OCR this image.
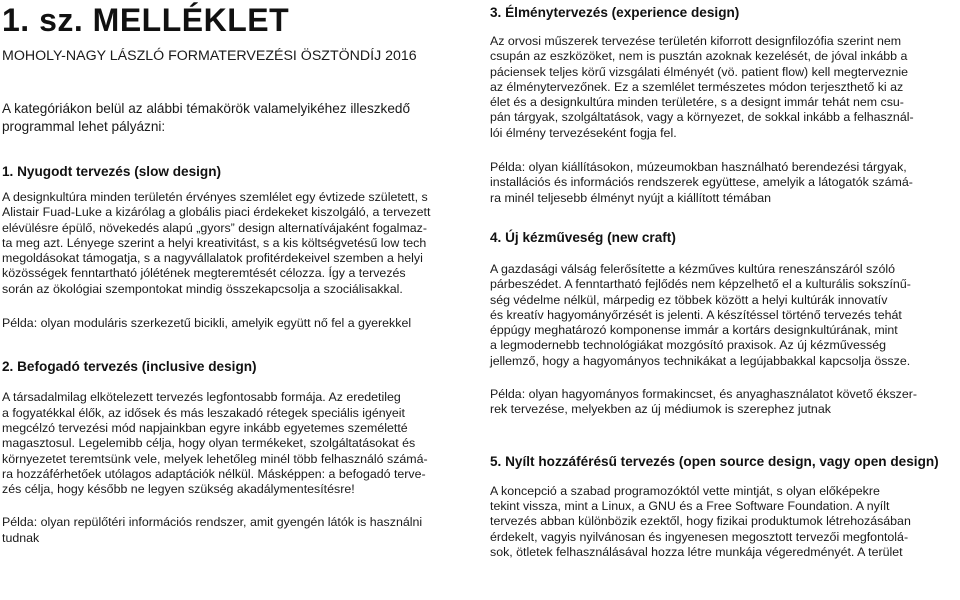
1. sz. MELLÉKLET

MOHOLY-NAGY LÁSZLÓ FORMATERVEZÉSI ÖSZTÖNDÍJ 2016

A kategóriákon belül az alábbi témakörök valamelyikéhez illeszkedő programmal lehet pályázni:

1. Nyugodt tervezés (slow design)

A designkultúra minden területén érvényes szemlélet egy évtizede született, s
Alistair Fuad-Luke a kizárólag a globális piaci érdekeket kiszolgáló, a tervezett
elévülésre épülő, növekedés alapú „gyors” design alternatívájaként fogalmaz-
ta meg azt. Lényege szerint a helyi kreativitást, s a kis költségvetésű low tech
megoldásokat támogatja, s a nagyvállalatok profitérdekeivel szemben a helyi
közösségek fenntartható jólétének megteremtését célozza. Így a tervezés
során az ökológiai szempontokat mindig összekapcsolja a szociálisakkal.

Példa: olyan moduláris szerkezetű bicikli, amelyik együtt nő fel a gyerekkel

2. Befogadó tervezés (inclusive design)

A társadalmilag elkötelezett tervezés legfontosabb formája. Az eredetileg
a fogyatékkal élők, az idősek és más leszakadó rétegek speciális igényeit
megcélzó tervezési mód napjainkban egyre inkább egyetemes személetté
magasztosul. Legelemibb célja, hogy olyan termékeket, szolgáltatásokat és
környezetet teremtsünk vele, melyek lehetőleg minél több felhasználó számá-
ra hozzáférhetőek utólagos adaptációk nélkül. Másképpen: a befogadó terve-
zés célja, hogy később ne legyen szükség akadálymentesítésre!

Példa: olyan repülőtéri információs rendszer, amit gyengén látók is használni
tudnak

3. Élménytervezés (experience design)

Az orvosi műszerek tervezése területén kiforrott designfilozófia szerint nem
csupán az eszközöket, nem is pusztán azoknak kezelését, de jóval inkább a
páciensek teljes körű vizsgálati élményét (vö. patient flow) kell megterveznie
az élménytervezőnek. Ez a szemlélet természetes módon terjeszthető ki az
élet és a designkultúra minden területére, s a designt immár tehát nem csu-
pán tárgyak, szolgáltatások, vagy a környezet, de sokkal inkább a felhasznál-
lói élmény tervezéseként fogja fel.

Példa: olyan kiállításokon, múzeumokban használható berendezési tárgyak,
installációs és információs rendszerek együttese, amelyik a látogatók számá-
ra minél teljesebb élményt nyújt a kiállított témában

4. Új kézműveség (new craft)

A gazdasági válság felerősítette a kézműves kultúra reneszánszáról szóló
párbeszédet. A fenntartható fejlődés nem képzelhető el a kulturális sokszínű-
ség védelme nélkül, márpedig ez többek között a helyi kultúrák innovatív
és kreatív hagyományőrzését is jelenti. A készítéssel történő tervezés tehát
éppúgy meghatározó komponense immár a kortárs designkultúrának, mint
a legmodernebb technológiákat mozgósító praxisok. Az új kézművesség
jellemző, hogy a hagyományos technikákat a legújabbakkal kapcsolja össze.

Példa: olyan hagyományos formakincset, és anyaghasználatot követő ékszer-
rek tervezése, melyekben az új médiumok is szerephez jutnak

5. Nyílt hozzáférésű tervezés (open source design, vagy open design)

A koncepció a szabad programozóktól vette mintját, s olyan előképekre
tekint vissza, mint a Linux, a GNU és a Free Software Foundation. A nyílt
tervezés abban különbözik ezektől, hogy fizikai produktumok létrehozásában
érdekelt, vagyis nyilvánosan és ingyenesen megosztott tervezői megfontolá-
sok, ötletek felhasználásával hozza létre munkája végeredményét. A terület
